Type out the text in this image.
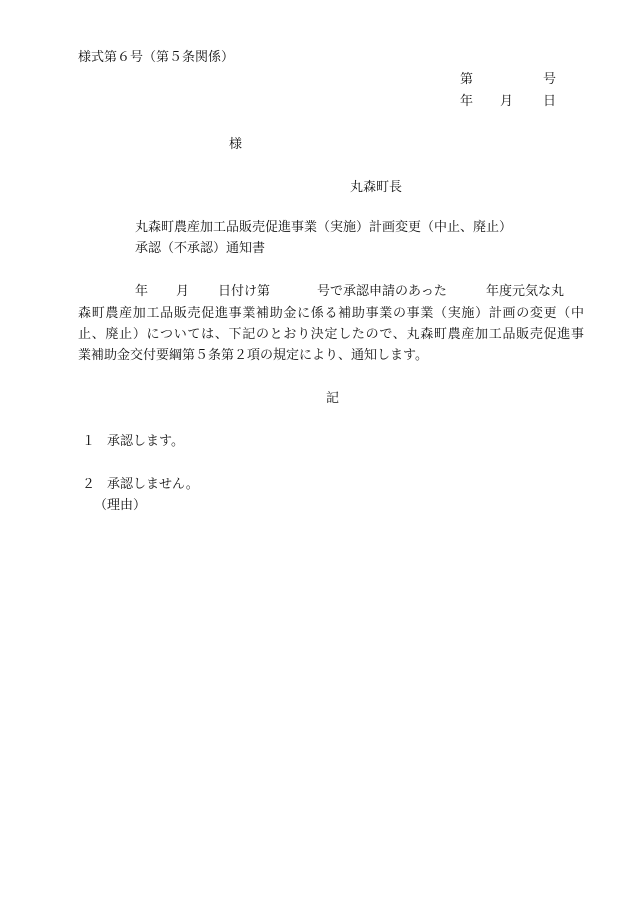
様式第６号（第５条関係）
第	号
年 月 日
様
丸森町長
丸森町農産加工品販売促進事業（実施）計画変更（中止、廃止）
承認（不承認）通知書
年 月 日付け第	号で承認申請のあった	年度元気な丸

森町農産加工品販売促進事業補助金に係る補助事業の事業（実施）計画の変更（中

止、廃止）については、下記のとおり決定したので、丸森町農産加工品販売促進事

業補助金交付要綱第５条第２項の規定により、通知します。

記
１ 承認します。
２ 承認しません。
（理由）
